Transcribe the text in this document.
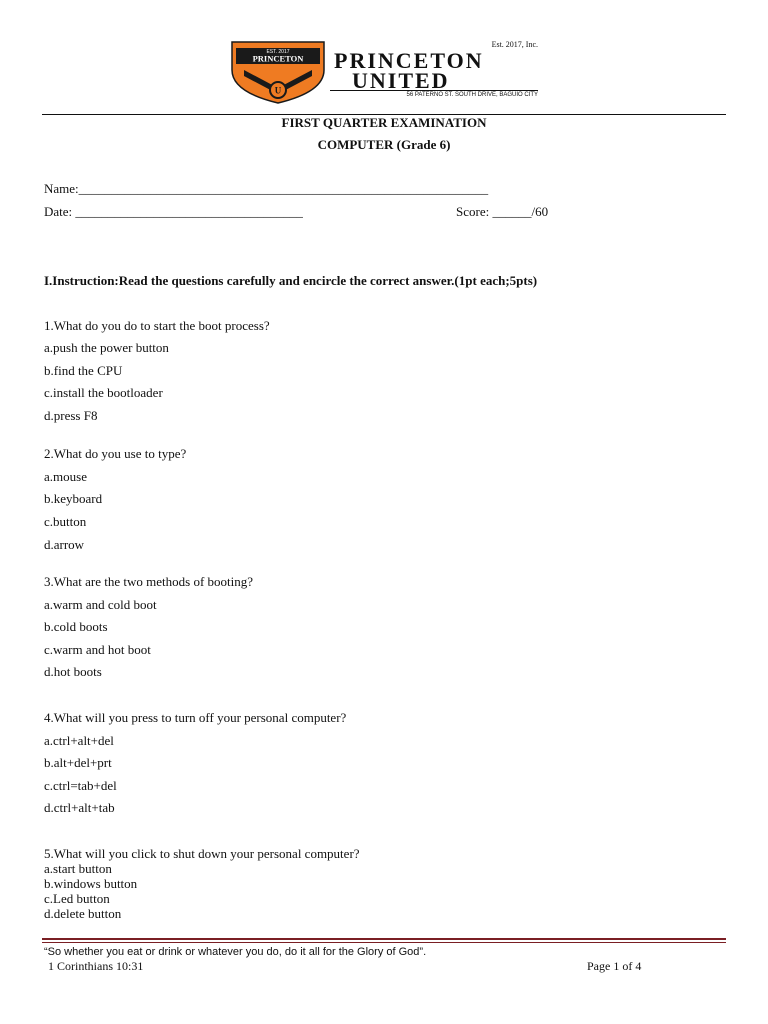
EST. 2017
PRINCETON
U
Est. 2017, Inc.
PRINCETON
UNITED
56 PATERNO ST. SOUTH DRIVE, BAGUIO CITY
FIRST QUARTER EXAMINATION
COMPUTER (Grade 6)
Name:_______________________________________________________________
Date: ___________________________________	Score: ______/60
I.Instruction:Read the questions carefully and encircle the correct answer.(1pt each;5pts)
1.What do you do to start the boot process?
a.push the power button
b.find the CPU
c.install the bootloader
d.press F8
2.What do you use to type?
a.mouse
b.keyboard
c.button
d.arrow
3.What are the two methods of booting?
a.warm and cold boot
b.cold boots
c.warm and hot boot
d.hot boots
4.What will you press to turn off your personal computer?
a.ctrl+alt+del
b.alt+del+prt
c.ctrl=tab+del
d.ctrl+alt+tab
5.What will you click to shut down your personal computer?
a.start button
b.windows button
c.Led button
d.delete button
“So whether you eat or drink or whatever you do, do it all for the Glory of God”.
1 Corinthians 10:31	Page 1 of 4
